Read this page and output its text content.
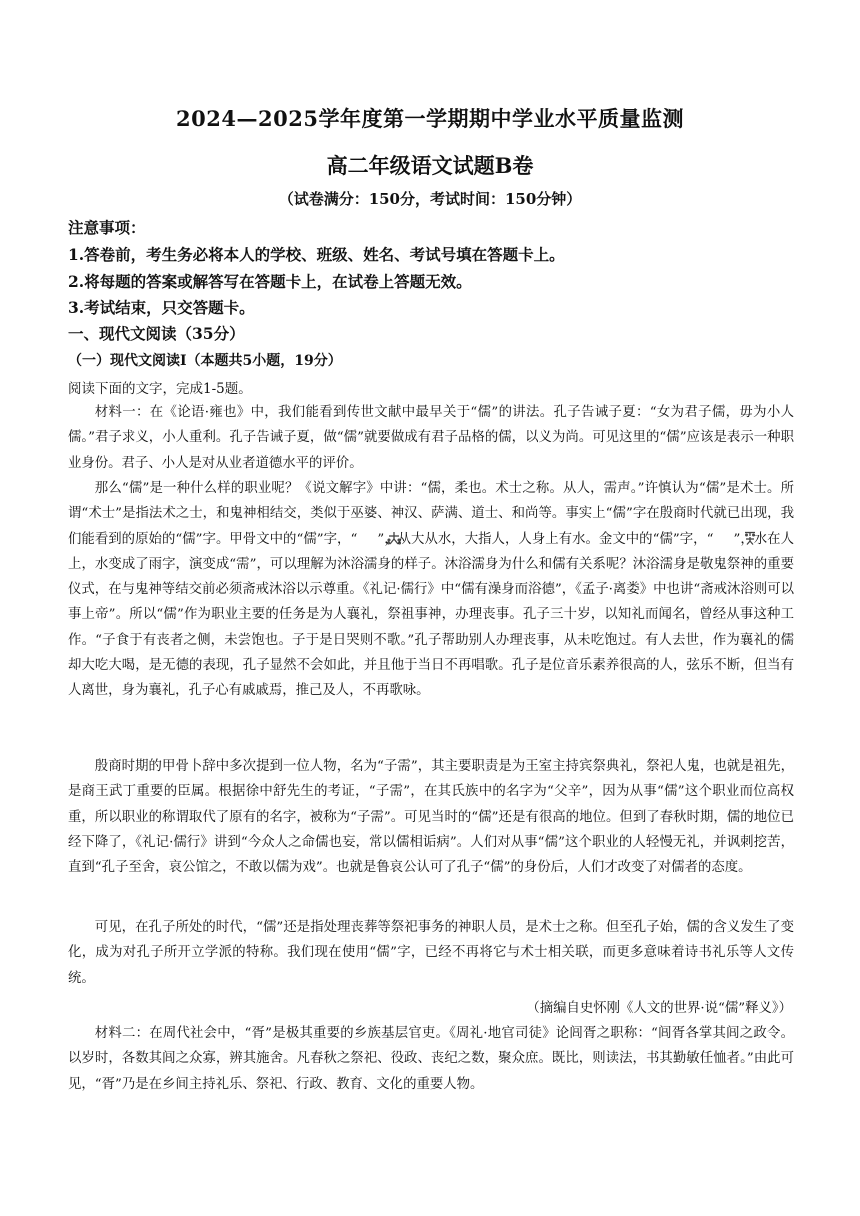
2024—2025学年度第一学期期中学业水平质量监测
高二年级语文试题B卷
（试卷满分：150分，考试时间：150分钟）
注意事项：
1.答卷前，考生务必将本人的学校、班级、姓名、考试号填在答题卡上。
2.将每题的答案或解答写在答题卡上，在试卷上答题无效。
3.考试结束，只交答题卡。
一、现代文阅读（35分）
（一）现代文阅读Ⅰ（本题共5小题，19分）
阅读下面的文字，完成1-5题。
材料一：在《论语·雍也》中，我们能看到传世文献中最早关于“儒”的讲法。孔子告诫子夏：“女为君子儒，毋为小人儒。”君子求义，小人重利。孔子告诫子夏，做“儒”就要做成有君子品格的儒，以义为尚。可见这里的“儒”应该是表示一种职业身份。君子、小人是对从业者道德水平的评价。
那么“儒”是一种什么样的职业呢？《说文解字》中讲：“儒，柔也。术士之称。从人，需声。”许慎认为“儒”是术士。所谓“术士”是指法术之士，和鬼神相结交，类似于巫婆、神汉、萨满、道士、和尚等。事实上“儒”字在殷商时代就已出现，我们能看到的原始的“儒”字。甲骨文中的“儒”字，“ ”，从大从水，大指人，人身上有水。金文中的“儒”字，“ ”，水在人上，水变成了雨字，演变成“需”，可以理解为沐浴濡身的样子。沐浴濡身为什么和儒有关系呢？沐浴濡身是敬鬼祭神的重要仪式，在与鬼神等结交前必须斋戒沐浴以示尊重。《礼记·儒行》中“儒有澡身而浴德”，《孟子·离娄》中也讲“斋戒沐浴则可以事上帝”。所以“儒”作为职业主要的任务是为人襄礼，祭祖事神，办理丧事。孔子三十岁，以知礼而闻名，曾经从事这种工作。“子食于有丧者之侧，未尝饱也。子于是日哭则不歌。”孔子帮助别人办理丧事，从未吃饱过。有人去世，作为襄礼的儒却大吃大喝，是无德的表现，孔子显然不会如此，并且他于当日不再唱歌。孔子是位音乐素养很高的人，弦乐不断，但当有人离世，身为襄礼，孔子心有戚戚焉，推己及人，不再歌咏。
殷商时期的甲骨卜辞中多次提到一位人物，名为“子需”，其主要职责是为王室主持宾祭典礼，祭祀人鬼，也就是祖先，是商王武丁重要的臣属。根据徐中舒先生的考证，“子需”，在其氏族中的名字为“父辛”，因为从事“儒”这个职业而位高权重，所以职业的称谓取代了原有的名字，被称为“子需”。可见当时的“儒”还是有很高的地位。但到了春秋时期，儒的地位已经下降了，《礼记·儒行》讲到“今众人之命儒也妄，常以儒相诟病”。人们对从事“儒”这个职业的人轻慢无礼，并讽刺挖苦，直到“孔子至舍，哀公馆之，不敢以儒为戏”。也就是鲁哀公认可了孔子“儒”的身份后，人们才改变了对儒者的态度。
可见，在孔子所处的时代，“儒”还是指处理丧葬等祭祀事务的神职人员，是术士之称。但至孔子始，儒的含义发生了变化，成为对孔子所开立学派的特称。我们现在使用“儒”字，已经不再将它与术士相关联，而更多意味着诗书礼乐等人文传统。
（摘编自史怀刚《人文的世界·说“儒”释义》）
材料二：在周代社会中，“胥”是极其重要的乡族基层官吏。《周礼·地官司徒》论闾胥之职称：“闾胥各掌其闾之政令。以岁时，各数其闾之众寡，辨其施舍。凡春秋之祭祀、役政、丧纪之数，聚众庶。既比，则读法，书其勤敏任恤者。”由此可见，“胥”乃是在乡间主持礼乐、祭祀、行政、教育、文化的重要人物。
